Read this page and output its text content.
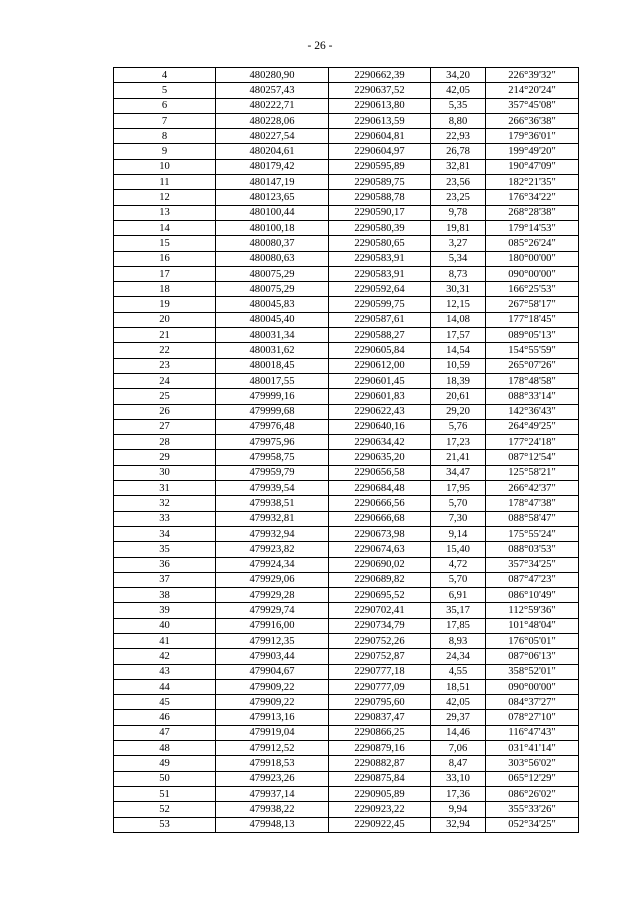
- 26 -
4	480280,90	2290662,39	34,20	226°39'32"
5	480257,43	2290637,52	42,05	214°20'24"
6	480222,71	2290613,80	5,35	357°45'08"
7	480228,06	2290613,59	8,80	266°36'38"
8	480227,54	2290604,81	22,93	179°36'01"
9	480204,61	2290604,97	26,78	199°49'20"
10	480179,42	2290595,89	32,81	190°47'09"
11	480147,19	2290589,75	23,56	182°21'35"
12	480123,65	2290588,78	23,25	176°34'22"
13	480100,44	2290590,17	9,78	268°28'38"
14	480100,18	2290580,39	19,81	179°14'53"
15	480080,37	2290580,65	3,27	085°26'24"
16	480080,63	2290583,91	5,34	180°00'00"
17	480075,29	2290583,91	8,73	090°00'00"
18	480075,29	2290592,64	30,31	166°25'53"
19	480045,83	2290599,75	12,15	267°58'17"
20	480045,40	2290587,61	14,08	177°18'45"
21	480031,34	2290588,27	17,57	089°05'13"
22	480031,62	2290605,84	14,54	154°55'59"
23	480018,45	2290612,00	10,59	265°07'26"
24	480017,55	2290601,45	18,39	178°48'58"
25	479999,16	2290601,83	20,61	088°33'14"
26	479999,68	2290622,43	29,20	142°36'43"
27	479976,48	2290640,16	5,76	264°49'25"
28	479975,96	2290634,42	17,23	177°24'18"
29	479958,75	2290635,20	21,41	087°12'54"
30	479959,79	2290656,58	34,47	125°58'21"
31	479939,54	2290684,48	17,95	266°42'37"
32	479938,51	2290666,56	5,70	178°47'38"
33	479932,81	2290666,68	7,30	088°58'47"
34	479932,94	2290673,98	9,14	175°55'24"
35	479923,82	2290674,63	15,40	088°03'53"
36	479924,34	2290690,02	4,72	357°34'25"
37	479929,06	2290689,82	5,70	087°47'23"
38	479929,28	2290695,52	6,91	086°10'49"
39	479929,74	2290702,41	35,17	112°59'36"
40	479916,00	2290734,79	17,85	101°48'04"
41	479912,35	2290752,26	8,93	176°05'01"
42	479903,44	2290752,87	24,34	087°06'13"
43	479904,67	2290777,18	4,55	358°52'01"
44	479909,22	2290777,09	18,51	090°00'00"
45	479909,22	2290795,60	42,05	084°37'27"
46	479913,16	2290837,47	29,37	078°27'10"
47	479919,04	2290866,25	14,46	116°47'43"
48	479912,52	2290879,16	7,06	031°41'14"
49	479918,53	2290882,87	8,47	303°56'02"
50	479923,26	2290875,84	33,10	065°12'29"
51	479937,14	2290905,89	17,36	086°26'02"
52	479938,22	2290923,22	9,94	355°33'26"
53	479948,13	2290922,45	32,94	052°34'25"
